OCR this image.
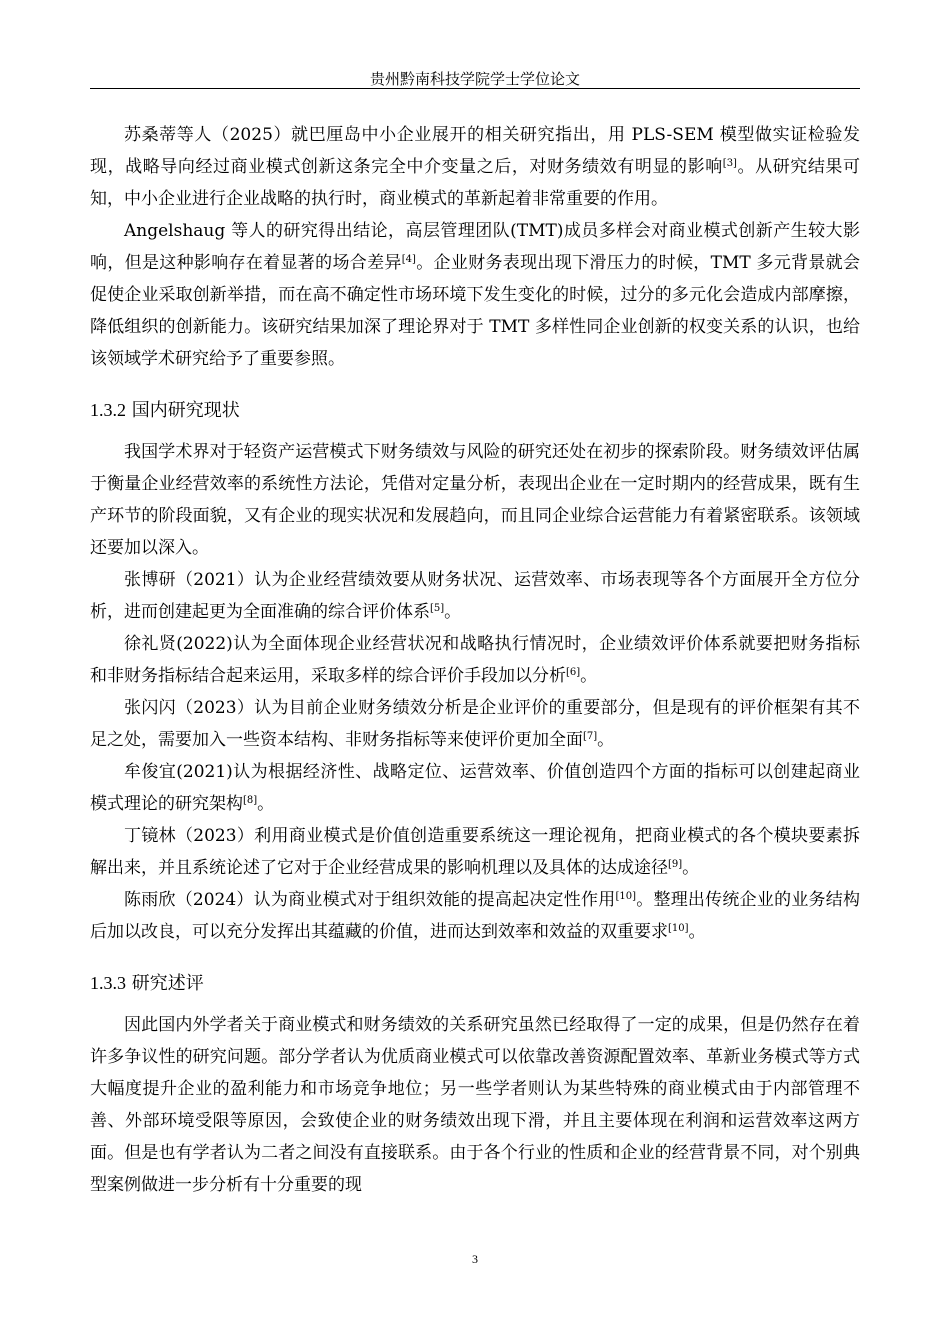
贵州黔南科技学院学士学位论文

苏桑蒂等人（2025）就巴厘岛中小企业展开的相关研究指出，用 PLS-SEM 模型做实证检验发现，战略导向经过商业模式创新这条完全中介变量之后，对财务绩效有明显的影响[3]。从研究结果可知，中小企业进行企业战略的执行时，商业模式的革新起着非常重要的作用。

Angelshaug 等人的研究得出结论，高层管理团队(TMT)成员多样会对商业模式创新产生较大影响，但是这种影响存在着显著的场合差异[4]。企业财务表现出现下滑压力的时候，TMT 多元背景就会促使企业采取创新举措，而在高不确定性市场环境下发生变化的时候，过分的多元化会造成内部摩擦，降低组织的创新能力。该研究结果加深了理论界对于 TMT 多样性同企业创新的权变关系的认识，也给该领域学术研究给予了重要参照。

1.3.2 国内研究现状

我国学术界对于轻资产运营模式下财务绩效与风险的研究还处在初步的探索阶段。财务绩效评估属于衡量企业经营效率的系统性方法论，凭借对定量分析，表现出企业在一定时期内的经营成果，既有生产环节的阶段面貌，又有企业的现实状况和发展趋向，而且同企业综合运营能力有着紧密联系。该领域还要加以深入。

张博研（2021）认为企业经营绩效要从财务状况、运营效率、市场表现等各个方面展开全方位分析，进而创建起更为全面准确的综合评价体系[5]。

徐礼贤(2022)认为全面体现企业经营状况和战略执行情况时，企业绩效评价体系就要把财务指标和非财务指标结合起来运用，采取多样的综合评价手段加以分析[6]。

张闪闪（2023）认为目前企业财务绩效分析是企业评价的重要部分，但是现有的评价框架有其不足之处，需要加入一些资本结构、非财务指标等来使评价更加全面[7]。

牟俊宜(2021)认为根据经济性、战略定位、运营效率、价值创造四个方面的指标可以创建起商业模式理论的研究架构[8]。

丁镜林（2023）利用商业模式是价值创造重要系统这一理论视角，把商业模式的各个模块要素拆解出来，并且系统论述了它对于企业经营成果的影响机理以及具体的达成途径[9]。

陈雨欣（2024）认为商业模式对于组织效能的提高起决定性作用[10]。整理出传统企业的业务结构后加以改良，可以充分发挥出其蕴藏的价值，进而达到效率和效益的双重要求[10]。

1.3.3 研究述评

因此国内外学者关于商业模式和财务绩效的关系研究虽然已经取得了一定的成果，但是仍然存在着许多争议性的研究问题。部分学者认为优质商业模式可以依靠改善资源配置效率、革新业务模式等方式大幅度提升企业的盈利能力和市场竞争地位；另一些学者则认为某些特殊的商业模式由于内部管理不善、外部环境受限等原因，会致使企业的财务绩效出现下滑，并且主要体现在利润和运营效率这两方面。但是也有学者认为二者之间没有直接联系。由于各个行业的性质和企业的经营背景不同，对个别典型案例做进一步分析有十分重要的现

3
